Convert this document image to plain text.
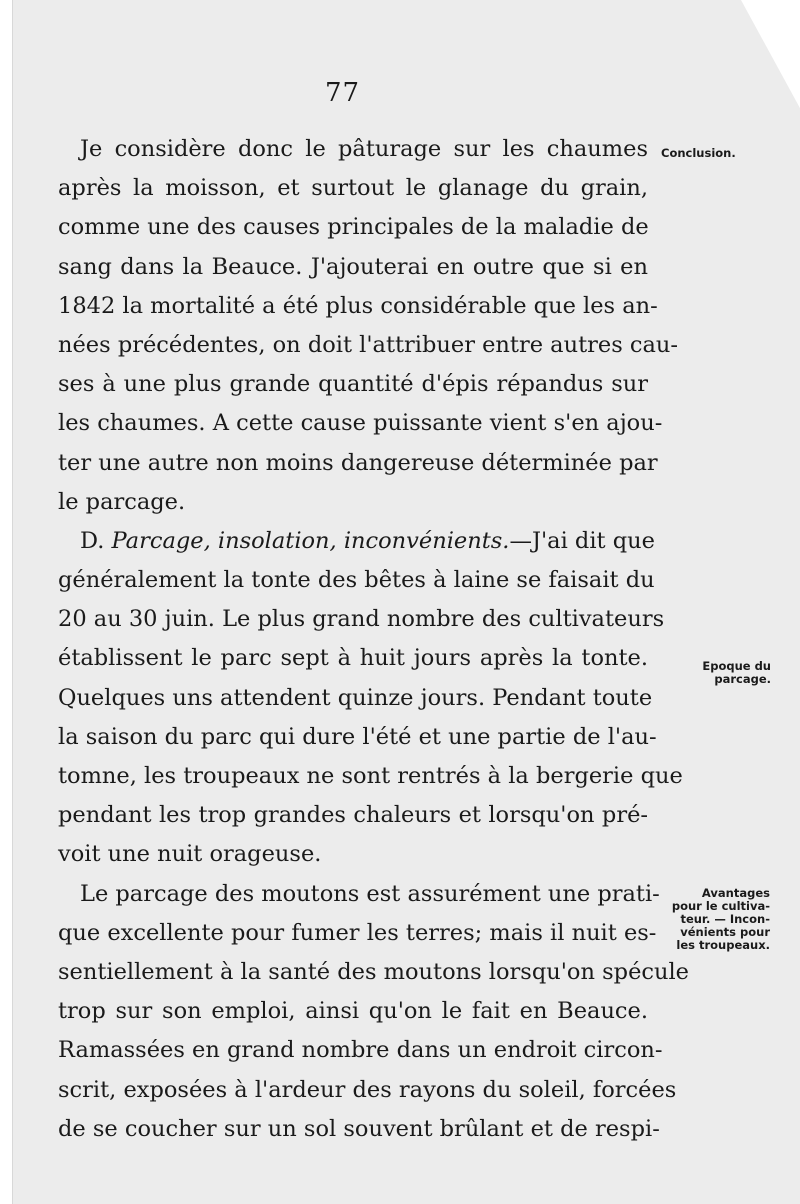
77
Je considère donc le pâturage sur les chaumes
après la moisson, et surtout le glanage du grain,
comme une des causes principales de la maladie de
sang dans la Beauce. J'ajouterai en outre que si en
1842 la mortalité a été plus considérable que les an-
nées précédentes, on doit l'attribuer entre autres cau-
ses à une plus grande quantité d'épis répandus sur
les chaumes. A cette cause puissante vient s'en ajou-
ter une autre non moins dangereuse déterminée par
le parcage.
D. Parcage, insolation, inconvénients.—J'ai dit que
généralement la tonte des bêtes à laine se faisait du
20 au 30 juin. Le plus grand nombre des cultivateurs
établissent le parc sept à huit jours après la tonte.
Quelques uns attendent quinze jours. Pendant toute
la saison du parc qui dure l'été et une partie de l'au-
tomne, les troupeaux ne sont rentrés à la bergerie que
pendant les trop grandes chaleurs et lorsqu'on pré-
voit une nuit orageuse.
Le parcage des moutons est assurément une prati-
que excellente pour fumer les terres; mais il nuit es-
sentiellement à la santé des moutons lorsqu'on spécule
trop sur son emploi, ainsi qu'on le fait en Beauce.
Ramassées en grand nombre dans un endroit circon-
scrit, exposées à l'ardeur des rayons du soleil, forcées
de se coucher sur un sol souvent brûlant et de respi-
Conclusion.
Epoque du
parcage.
Avantages
pour le cultiva-
teur. — Incon-
vénients pour
les troupeaux.
